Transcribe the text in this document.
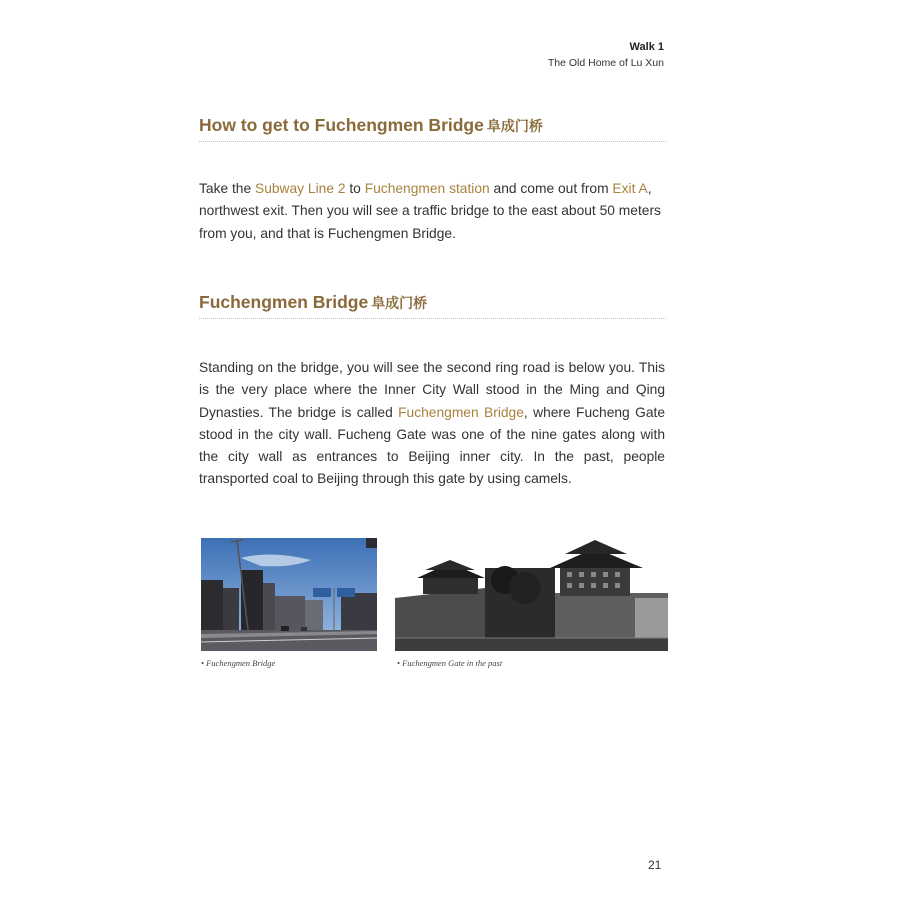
Walk 1
The Old Home of Lu Xun
How to get to Fuchengmen Bridge 阜成门桥
Take the Subway Line 2 to Fuchengmen station and come out from Exit A, northwest exit. Then you will see a traffic bridge to the east about 50 meters from you, and that is Fuchengmen Bridge.
Fuchengmen Bridge 阜成门桥
Standing on the bridge, you will see the second ring road is below you. This is the very place where the Inner City Wall stood in the Ming and Qing Dynasties. The bridge is called Fuchengmen Bridge, where Fucheng Gate stood in the city wall. Fucheng Gate was one of the nine gates along with the city wall as entrances to Beijing inner city. In the past, people transported coal to Beijing through this gate by using camels.
• Fuchengmen Bridge	• Fuchengmen Gate in the past
21
